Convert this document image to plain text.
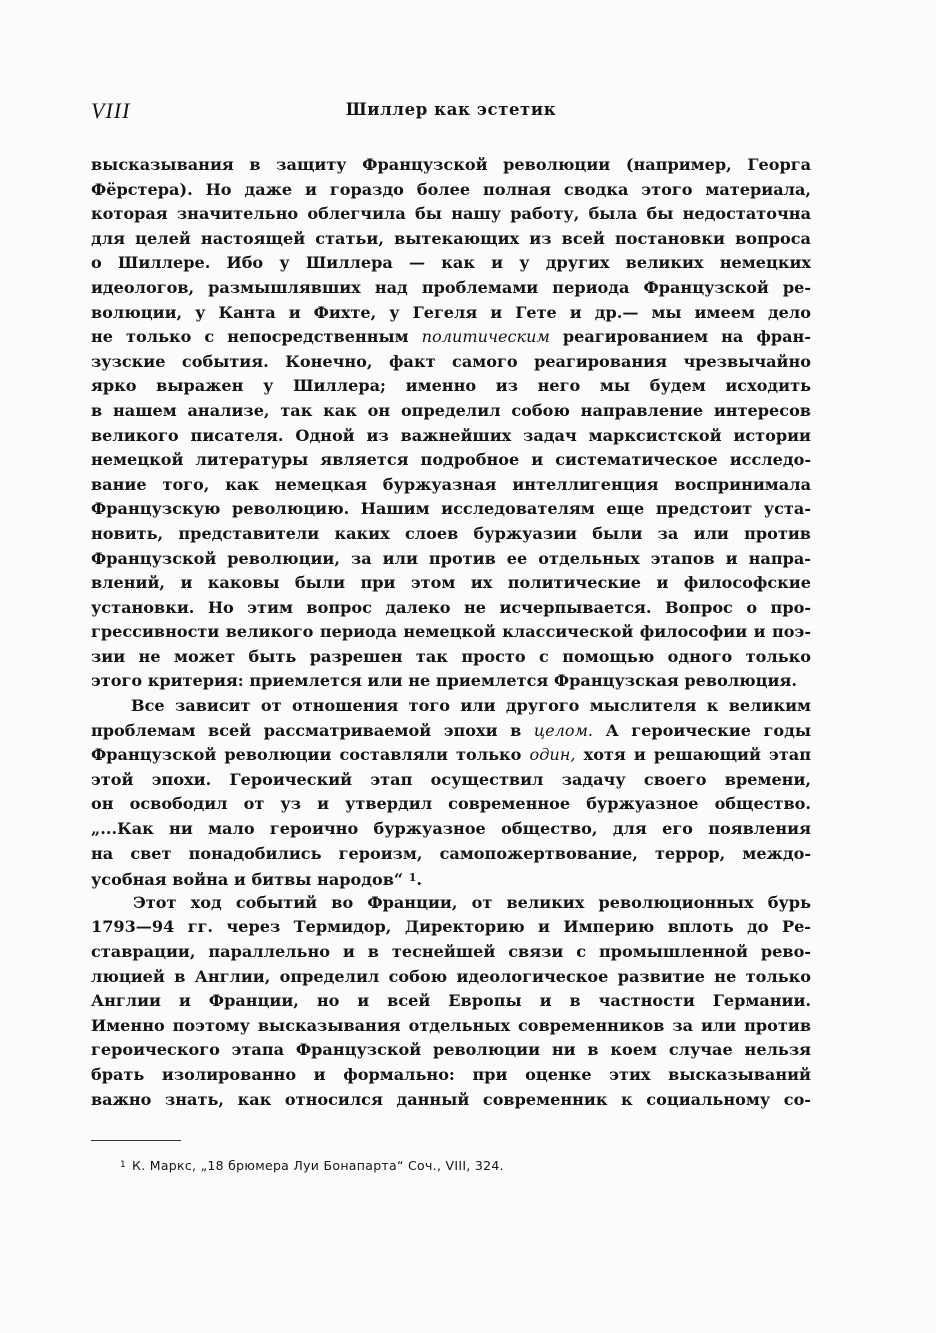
VIII	Шиллер как эстетик
высказывания в защиту Французской революции (например, Георга
Фёрстера). Но даже и гораздо более полная сводка этого материала,
которая значительно облегчила бы нашу работу, была бы недостаточна
для целей настоящей статьи, вытекающих из всей постановки вопроса
о Шиллере. Ибо у Шиллера — как и у других великих немецких
идеологов, размышлявших над проблемами периода Французской ре-
волюции, у Канта и Фихте, у Гегеля и Гете и др.— мы имеем дело
не только с непосредственным политическим реагированием на фран-
зузские события. Конечно, факт самого реагирования чрезвычайно
ярко выражен у Шиллера; именно из него мы будем исходить
в нашем анализе, так как он определил собою направление интересов
великого писателя. Одной из важнейших задач марксистской истории
немецкой литературы является подробное и систематическое исследо-
вание того, как немецкая буржуазная интеллигенция воспринимала
Французскую революцию. Нашим исследователям еще предстоит уста-
новить, представители каких слоев буржуазии были за или против
Французской революции, за или против ее отдельных этапов и напра-
влений, и каковы были при этом их политические и философские
установки. Но этим вопрос далеко не исчерпывается. Вопрос о про-
грессивности великого периода немецкой классической философии и поэ-
зии не может быть разрешен так просто с помощью одного только
этого критерия: приемлется или не приемлется Французская революция.
Все зависит от отношения того или другого мыслителя к великим
проблемам всей рассматриваемой эпохи в целом. А героические годы
Французской революции составляли только один, хотя и решающий этап
этой эпохи. Героический этап осуществил задачу своего времени,
он освободил от уз и утвердил современное буржуазное общество.
„...Как ни мало героично буржуазное общество, для его появления
на свет понадобились героизм, самопожертвование, террор, междо-
усобная война и битвы народов“ $^1$.
Этот ход событий во Франции, от великих революционных бурь
1793—94 гг. через Термидор, Директорию и Империю вплоть до Ре-
ставрации, параллельно и в теснейшей связи с промышленной рево-
люцией в Англии, определил собою идеологическое развитие не только
Англии и Франции, но и всей Европы и в частности Германии.
Именно поэтому высказывания отдельных современников за или против
героического этапа Французской революции ни в коем случае нельзя
брать изолированно и формально: при оценке этих высказываний
важно знать, как относился данный современник к социальному со-
$^1$ К. Маркс, „18 брюмера Луи Бонапарта“ Соч., VIII, 324.
